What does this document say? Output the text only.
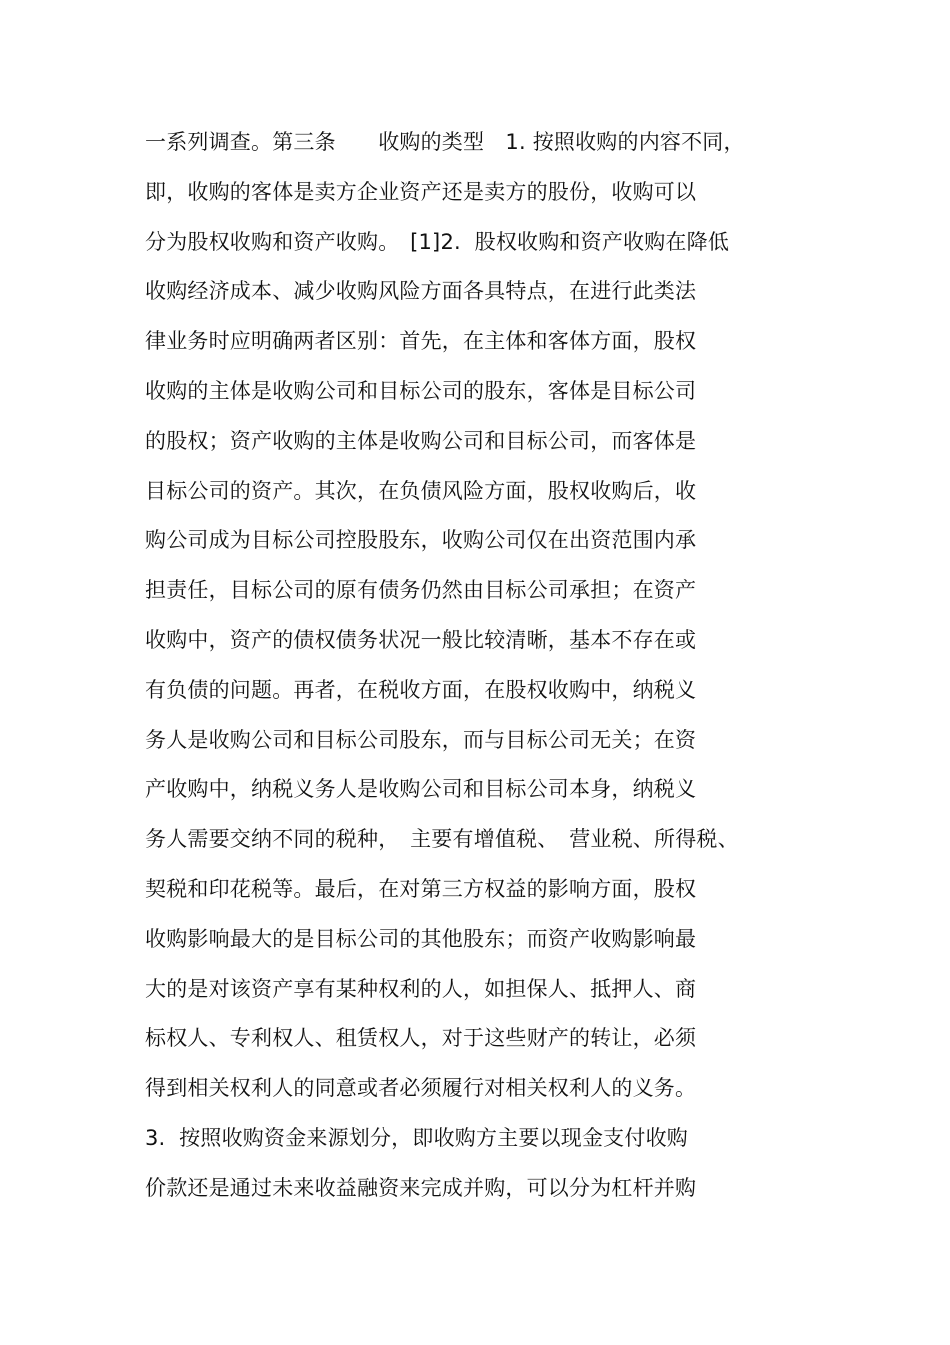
一系列调查。第三条　　收购的类型　1. 按照收购的内容不同，
即，收购的客体是卖方企业资产还是卖方的股份，收购可以
分为股权收购和资产收购。　[1]2.  股权收购和资产收购在降低
收购经济成本、减少收购风险方面各具特点，在进行此类法
律业务时应明确两者区别：首先，在主体和客体方面，股权
收购的主体是收购公司和目标公司的股东，客体是目标公司
的股权；资产收购的主体是收购公司和目标公司，而客体是
目标公司的资产。其次，在负债风险方面，股权收购后，收
购公司成为目标公司控股股东，收购公司仅在出资范围内承
担责任，目标公司的原有债务仍然由目标公司承担；在资产
收购中，资产的债权债务状况一般比较清晰，基本不存在或
有负债的问题。再者，在税收方面，在股权收购中，纳税义
务人是收购公司和目标公司股东，而与目标公司无关；在资
产收购中，纳税义务人是收购公司和目标公司本身，纳税义
务人需要交纳不同的税种，　主要有增值税、　营业税、所得税、
契税和印花税等。最后，在对第三方权益的影响方面，股权
收购影响最大的是目标公司的其他股东；而资产收购影响最
大的是对该资产享有某种权利的人，如担保人、抵押人、商
标权人、专利权人、租赁权人，对于这些财产的转让，必须
得到相关权利人的同意或者必须履行对相关权利人的义务。
3.  按照收购资金来源划分，即收购方主要以现金支付收购
价款还是通过未来收益融资来完成并购，可以分为杠杆并购
